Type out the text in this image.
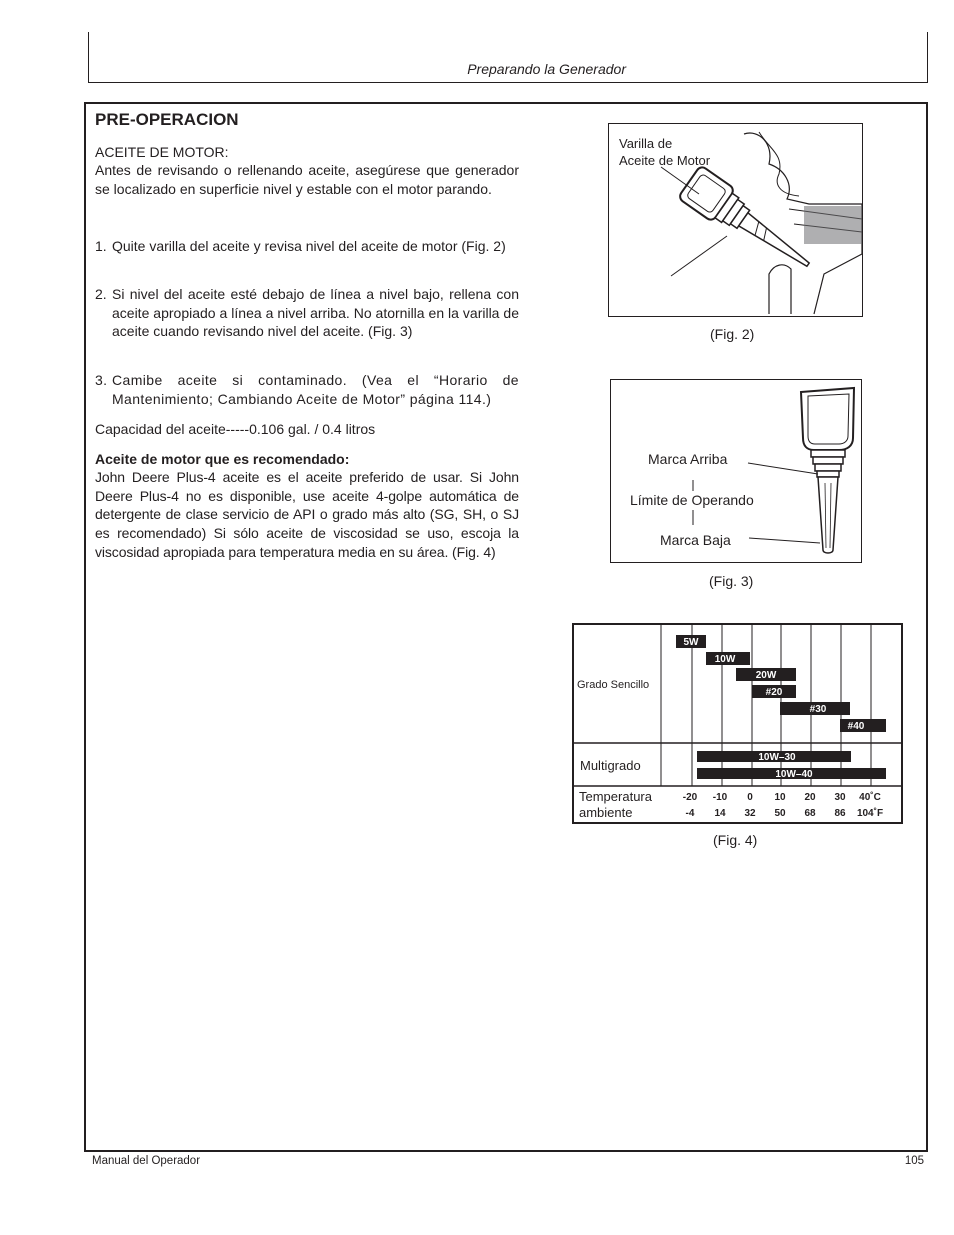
Preparando la Generador
PRE-OPERACION
ACEITE DE MOTOR:
Antes de revisando o rellenando aceite, asegúrese que generador se localizado en superficie nivel y estable con el motor parando.
1. Quite varilla del aceite y revisa nivel del aceite de motor (Fig. 2)
2. Si nivel del aceite esté debajo de línea a nivel bajo, rellena con aceite apropiado a línea a nivel arriba. No atornilla en la varilla de aceite cuando revisando nivel del aceite. (Fig. 3)
3. Camibe aceite si contaminado. (Vea el “Horario de Mantenimiento; Cambiando Aceite de Motor” página 114.)
Capacidad del aceite-----0.106 gal. / 0.4 litros
Aceite de motor que es recomendado:
John Deere Plus-4 aceite es el aceite preferido de usar. Si John Deere Plus-4 no es disponible, use aceite 4-golpe automática de detergente de clase servicio de API o grado más alto (SG, SH, o SJ es recomendado) Si sólo aceite de viscosidad se uso, escoja la viscosidad apropiada para temperatura media en su área. (Fig. 4)
Varilla de
Aceite de Motor
(Fig. 2)
Marca Arriba
Límite de Operando
Marca Baja
(Fig. 3)
5W
10W
20W
#20
#30
#40
10W–30
10W–40
-20 -10 0 10 20 30 40˚C
-4 14 32 50 68 86 104˚F
Grado Sencillo
Multigrado
Temperatura
ambiente
(Fig. 4)
Manual del Operador	105
